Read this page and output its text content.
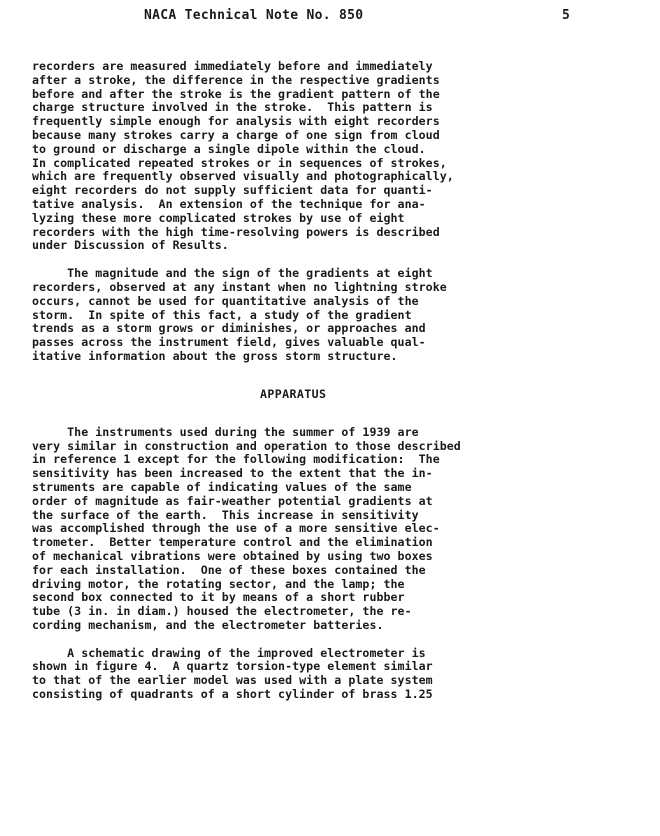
NACA Technical Note No. 850	5
recorders are measured immediately before and immediately
after a stroke, the difference in the respective gradients
before and after the stroke is the gradient pattern of the
charge structure involved in the stroke.  This pattern is
frequently simple enough for analysis with eight recorders
because many strokes carry a charge of one sign from cloud
to ground or discharge a single dipole within the cloud.
In complicated repeated strokes or in sequences of strokes,
which are frequently observed visually and photographically,
eight recorders do not supply sufficient data for quanti-
tative analysis.  An extension of the technique for ana-
lyzing these more complicated strokes by use of eight
recorders with the high time-resolving powers is described
under Discussion of Results.
The magnitude and the sign of the gradients at eight
recorders, observed at any instant when no lightning stroke
occurs, cannot be used for quantitative analysis of the
storm.  In spite of this fact, a study of the gradient
trends as a storm grows or diminishes, or approaches and
passes across the instrument field, gives valuable qual-
itative information about the gross storm structure.
APPARATUS
The instruments used during the summer of 1939 are
very similar in construction and operation to those described
in reference 1 except for the following modification:  The
sensitivity has been increased to the extent that the in-
struments are capable of indicating values of the same
order of magnitude as fair-weather potential gradients at
the surface of the earth.  This increase in sensitivity
was accomplished through the use of a more sensitive elec-
trometer.  Better temperature control and the elimination
of mechanical vibrations were obtained by using two boxes
for each installation.  One of these boxes contained the
driving motor, the rotating sector, and the lamp; the
second box connected to it by means of a short rubber
tube (3 in. in diam.) housed the electrometer, the re-
cording mechanism, and the electrometer batteries.
A schematic drawing of the improved electrometer is
shown in figure 4.  A quartz torsion-type element similar
to that of the earlier model was used with a plate system
consisting of quadrants of a short cylinder of brass 1.25
